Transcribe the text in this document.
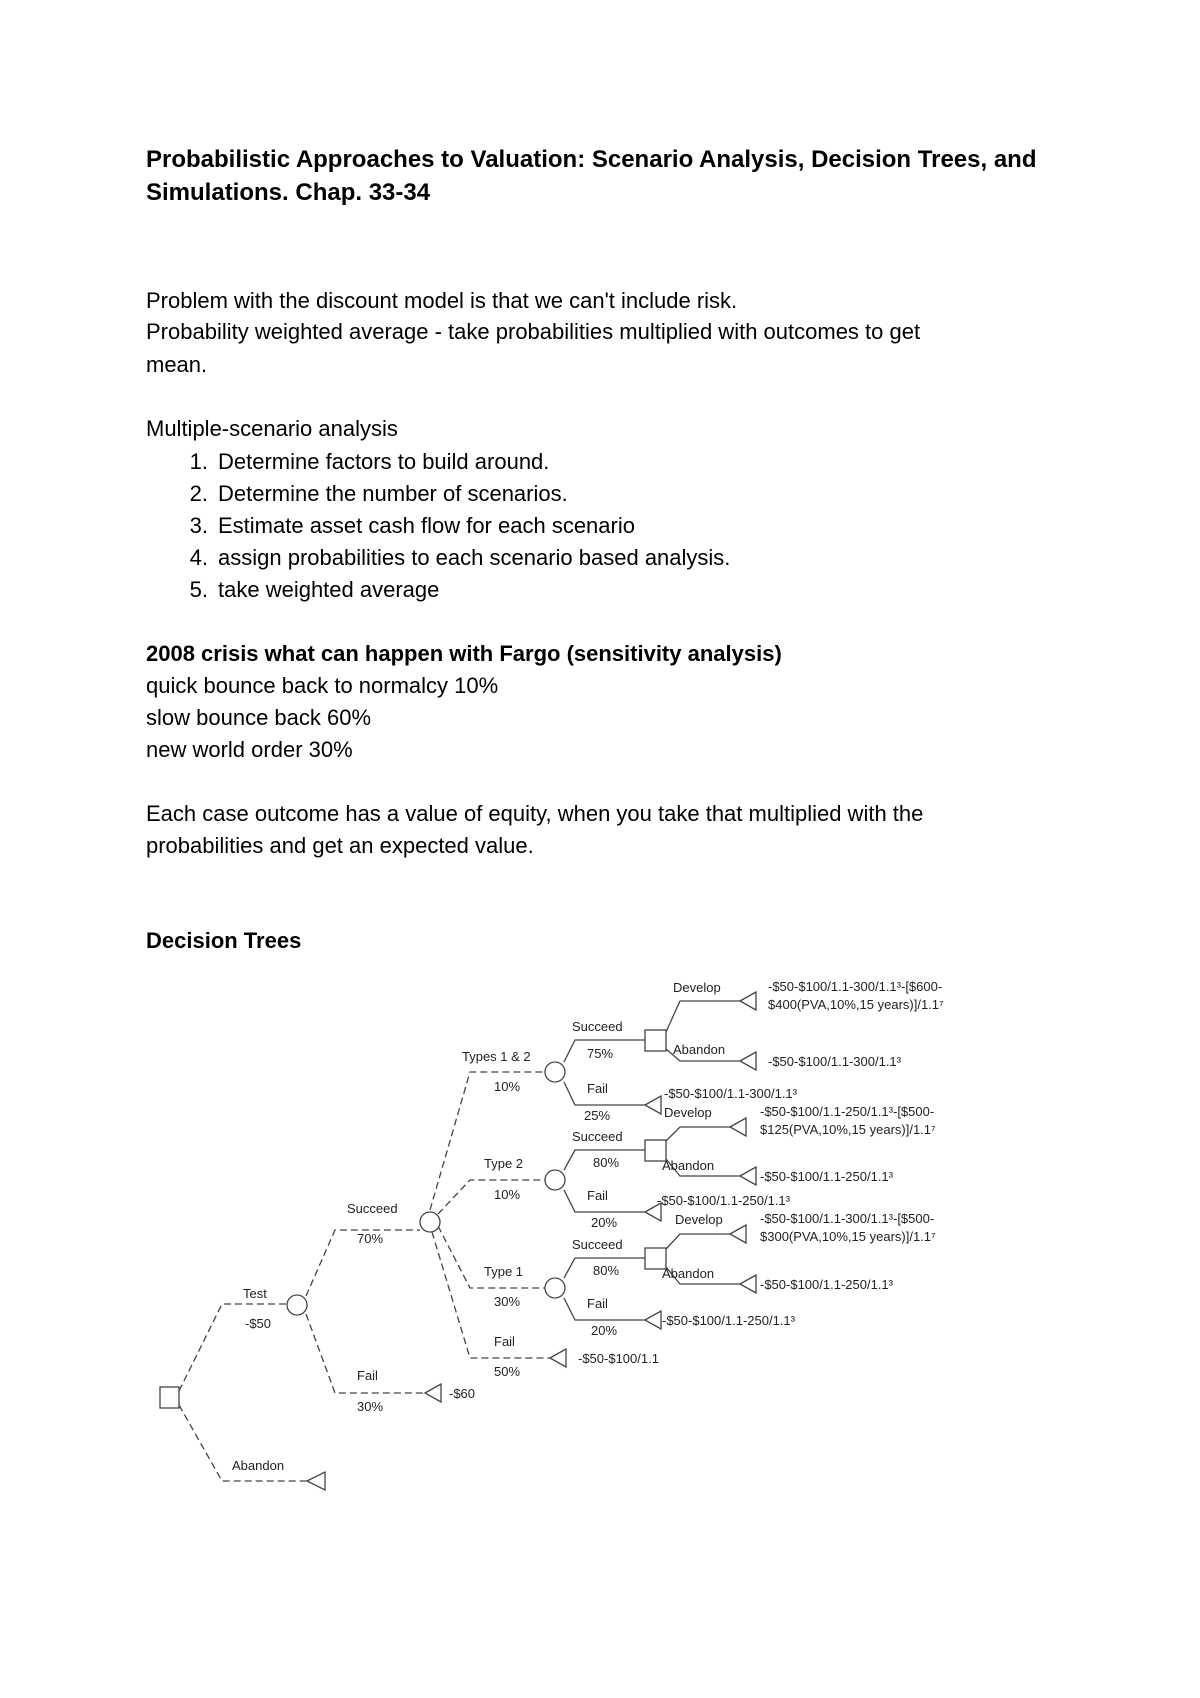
Probabilistic Approaches to Valuation: Scenario Analysis, Decision Trees, and Simulations. Chap. 33-34

Problem with the discount model is that we can't include risk.

Probability weighted average - take probabilities multiplied with outcomes to get

mean.

Multiple-scenario analysis

1. Determine factors to build around.
2. Determine the number of scenarios.
3. Estimate asset cash flow for each scenario
4. assign probabilities to each scenario based analysis.
5. take weighted average

2008 crisis what can happen with Fargo (sensitivity analysis)

quick bounce back to normalcy 10%

slow bounce back 60%

new world order 30%

Each case outcome has a value of equity, when you take that multiplied with the

probabilities and get an expected value.

Decision Trees

Test
-$50
Abandon
Succeed
70%
Fail
30%
-$60
Types 1 & 2
10%
Type 2
10%
Type 1
30%
Fail
50%
-$50-$100/1.1
Succeed
75%
Fail
25%
Develop	-$50-$100/1.1-300/1.1³-[$600-
$400(PVA,10%,15 years)]/1.1⁷
Abandon
-$50-$100/1.1-300/1.1³
-$50-$100/1.1-300/1.1³
Succeed
80%
Fail
20%
Develop	-$50-$100/1.1-250/1.1³-[$500-
$125(PVA,10%,15 years)]/1.1⁷
Abandon
-$50-$100/1.1-250/1.1³
-$50-$100/1.1-250/1.1³
Succeed
80%
Fail
20%
Develop	-$50-$100/1.1-300/1.1³-[$500-
$300(PVA,10%,15 years)]/1.1⁷
Abandon
-$50-$100/1.1-250/1.1³
-$50-$100/1.1-250/1.1³
